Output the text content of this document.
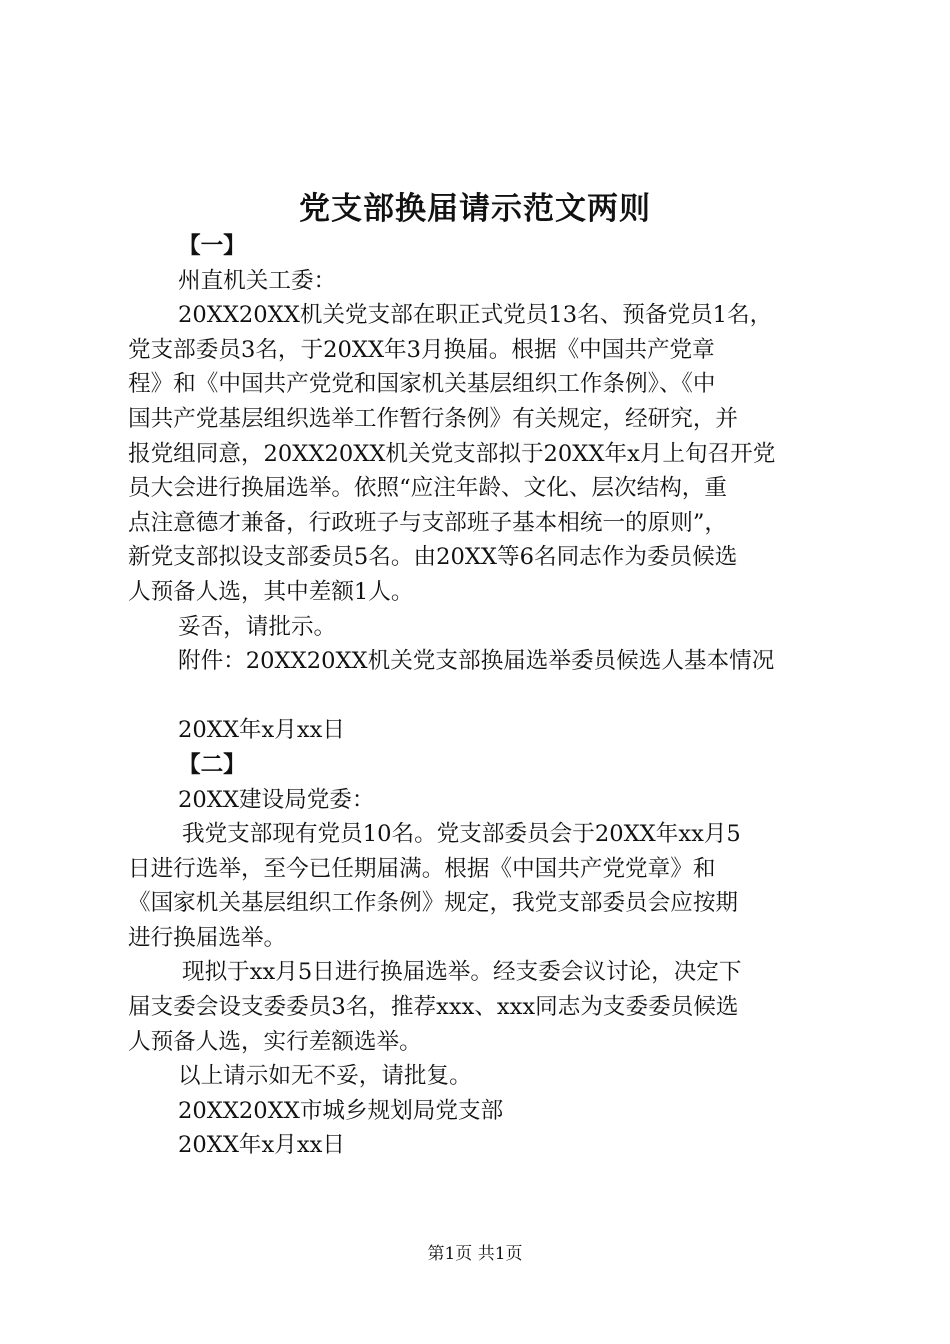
党支部换届请示范文两则
【一】
州直机关工委：
20XX20XX机关党支部在职正式党员13名、预备党员1名，
党支部委员3名，于20XX年3月换届。根据《中国共产党章
程》和《中国共产党党和国家机关基层组织工作条例》、《中
国共产党基层组织选举工作暂行条例》有关规定，经研究，并
报党组同意，20XX20XX机关党支部拟于20XX年x月上旬召开党
员大会进行换届选举。依照“应注年龄、文化、层次结构，重
点注意德才兼备，行政班子与支部班子基本相统一的原则”，
新党支部拟设支部委员5名。由20XX等6名同志作为委员候选
人预备人选，其中差额1人。
妥否，请批示。
附件：20XX20XX机关党支部换届选举委员候选人基本情况
20XX年x月xx日
【二】
20XX建设局党委：
我党支部现有党员10名。党支部委员会于20XX年xx月5
日进行选举，至今已任期届满。根据《中国共产党党章》和
《国家机关基层组织工作条例》规定，我党支部委员会应按期
进行换届选举。
现拟于xx月5日进行换届选举。经支委会议讨论，决定下
届支委会设支委委员3名，推荐xxx、xxx同志为支委委员候选
人预备人选，实行差额选举。
以上请示如无不妥，请批复。
20XX20XX市城乡规划局党支部
20XX年x月xx日
第1页 共1页
